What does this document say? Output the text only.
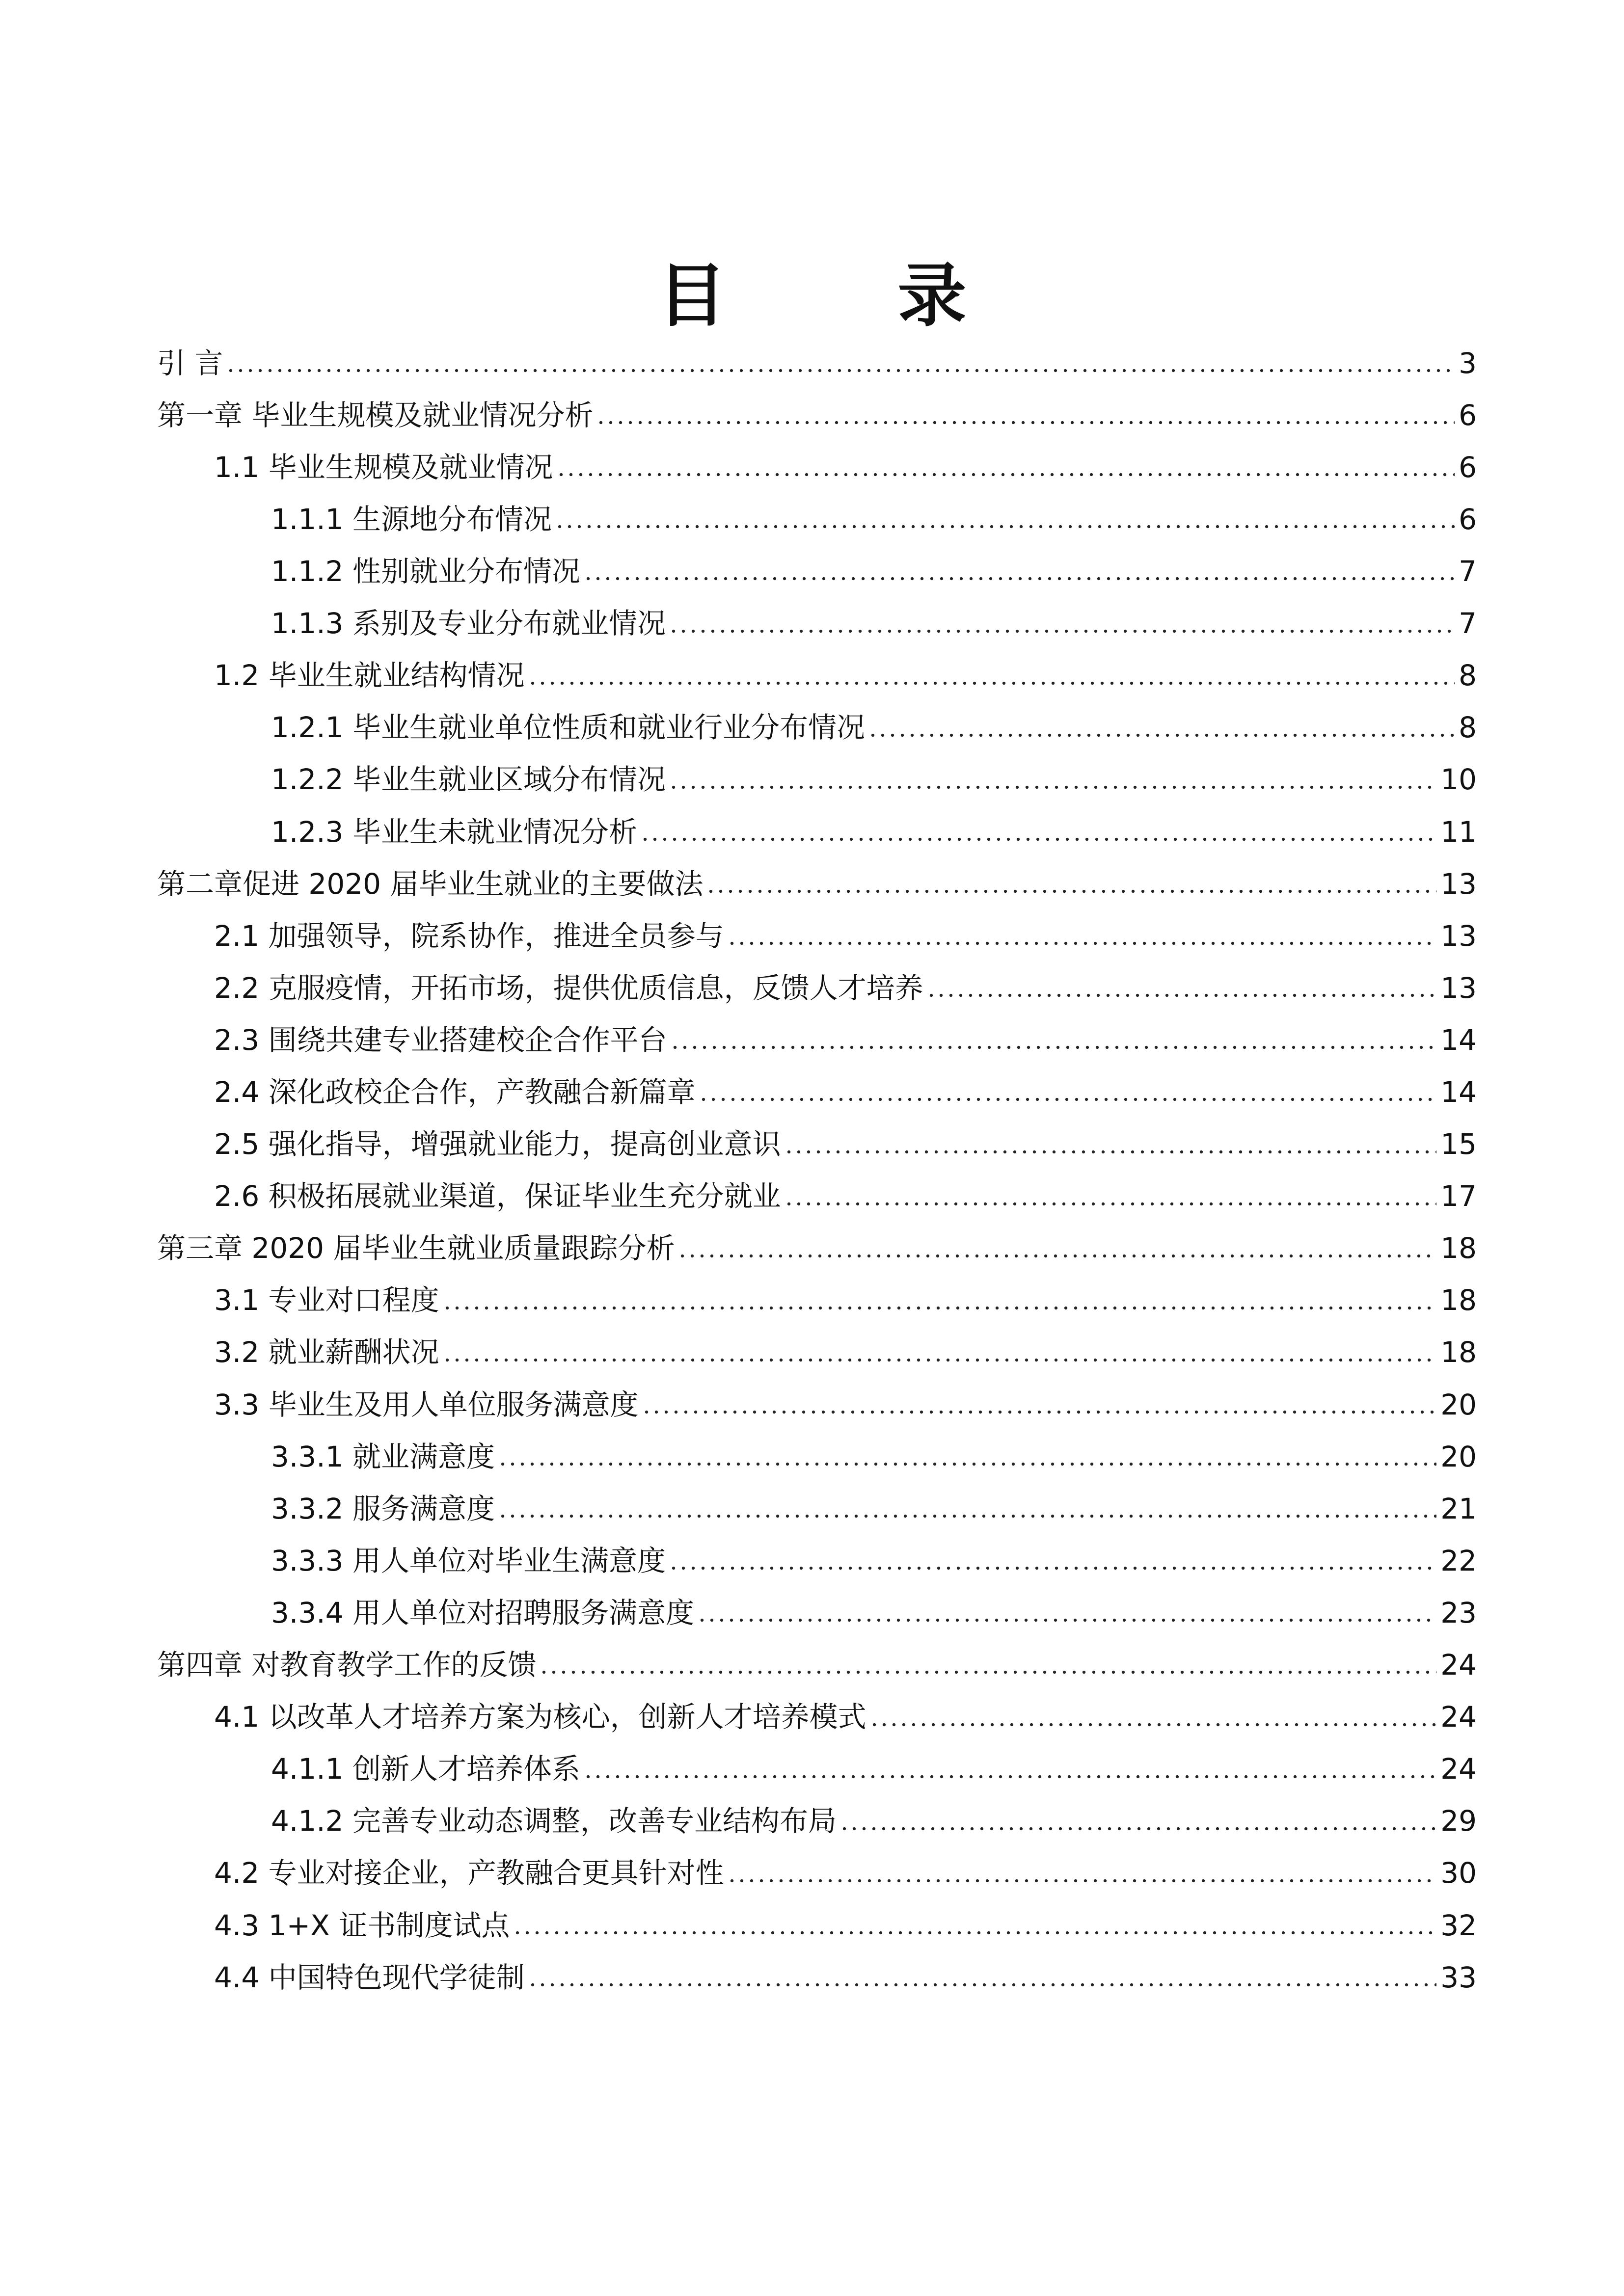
目 录
引 言	3
第一章 毕业生规模及就业情况分析	6
1.1 毕业生规模及就业情况	6
1.1.1 生源地分布情况	6
1.1.2 性别就业分布情况	7
1.1.3 系别及专业分布就业情况	7
1.2 毕业生就业结构情况	8
1.2.1 毕业生就业单位性质和就业行业分布情况	8
1.2.2 毕业生就业区域分布情况	10
1.2.3 毕业生未就业情况分析	11
第二章促进 2020 届毕业生就业的主要做法	13
2.1 加强领导，院系协作，推进全员参与	13
2.2 克服疫情，开拓市场，提供优质信息，反馈人才培养	13
2.3 围绕共建专业搭建校企合作平台	14
2.4 深化政校企合作，产教融合新篇章	14
2.5 强化指导，增强就业能力，提高创业意识	15
2.6 积极拓展就业渠道，保证毕业生充分就业	17
第三章 2020 届毕业生就业质量跟踪分析	18
3.1 专业对口程度	18
3.2 就业薪酬状况	18
3.3 毕业生及用人单位服务满意度	20
3.3.1 就业满意度	20
3.3.2 服务满意度	21
3.3.3 用人单位对毕业生满意度	22
3.3.4 用人单位对招聘服务满意度	23
第四章 对教育教学工作的反馈	24
4.1 以改革人才培养方案为核心，创新人才培养模式	24
4.1.1 创新人才培养体系	24
4.1.2 完善专业动态调整，改善专业结构布局	29
4.2 专业对接企业，产教融合更具针对性	30
4.3 1+X 证书制度试点	32
4.4 中国特色现代学徒制	33
